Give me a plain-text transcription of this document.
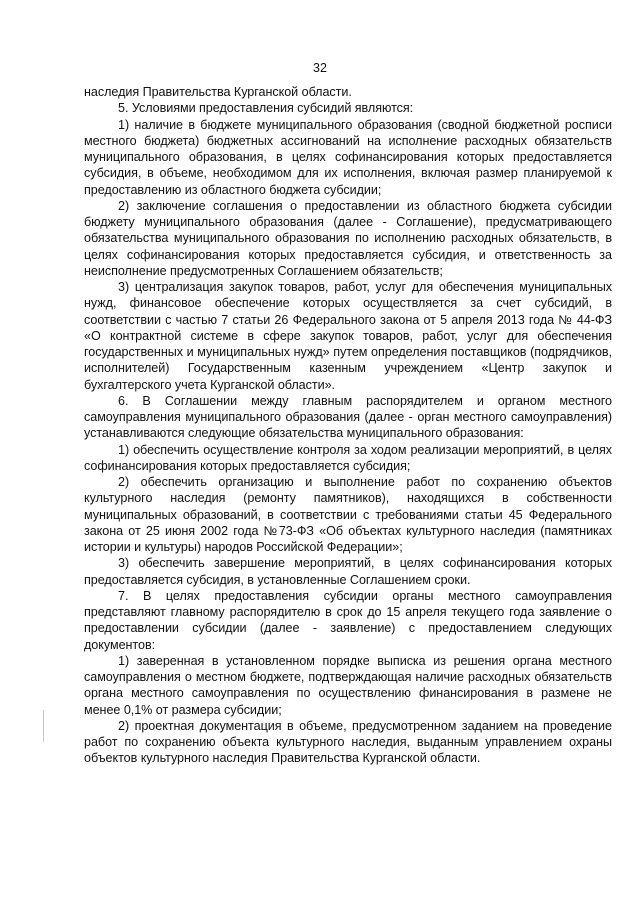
32

наследия Правительства Курганской области.

5. Условиями предоставления субсидий являются:

1) наличие в бюджете муниципального образования (сводной бюджетной росписи местного бюджета) бюджетных ассигнований на исполнение расходных обязательств муниципального образования, в целях софинансирования которых предоставляется субсидия, в объеме, необходимом для их исполнения, включая размер планируемой к предоставлению из областного бюджета субсидии;

2) заключение соглашения о предоставлении из областного бюджета субсидии бюджету муниципального образования (далее - Соглашение), предусматривающего обязательства муниципального образования по исполнению расходных обязательств, в целях софинансирования которых предоставляется субсидия, и ответственность за неисполнение предусмотренных Соглашением обязательств;

3) централизация закупок товаров, работ, услуг для обеспечения муниципальных нужд, финансовое обеспечение которых осуществляется за счет субсидий, в соответствии с частью 7 статьи 26 Федерального закона от 5 апреля 2013 года № 44-ФЗ «О контрактной системе в сфере закупок товаров, работ, услуг для обеспечения государственных и муниципальных нужд» путем определения поставщиков (подрядчиков, исполнителей) Государственным казенным учреждением «Центр закупок и бухгалтерского учета Курганской области».

6. В Соглашении между главным распорядителем и органом местного самоуправления муниципального образования (далее - орган местного самоуправления) устанавливаются следующие обязательства муниципального образования:

1) обеспечить осуществление контроля за ходом реализации мероприятий, в целях софинансирования которых предоставляется субсидия;

2) обеспечить организацию и выполнение работ по сохранению объектов культурного наследия (ремонту памятников), находящихся в собственности муниципальных образований, в соответствии с требованиями статьи 45 Федерального закона от 25 июня 2002 года №73-ФЗ «Об объектах культурного наследия (памятниках истории и культуры) народов Российской Федерации»;

3) обеспечить завершение мероприятий, в целях софинансирования которых предоставляется субсидия, в установленные Соглашением сроки.

7. В целях предоставления субсидии органы местного самоуправления представляют главному распорядителю в срок до 15 апреля текущего года заявление о предоставлении субсидии (далее - заявление) с предоставлением следующих документов:

1) заверенная в установленном порядке выписка из решения органа местного самоуправления о местном бюджете, подтверждающая наличие расходных обязательств органа местного самоуправления по осуществлению финансирования в размене не менее 0,1% от размера субсидии;

2) проектная документация в объеме, предусмотренном заданием на проведение работ по сохранению объекта культурного наследия, выданным управлением охраны объектов культурного наследия Правительства Курганской области.
